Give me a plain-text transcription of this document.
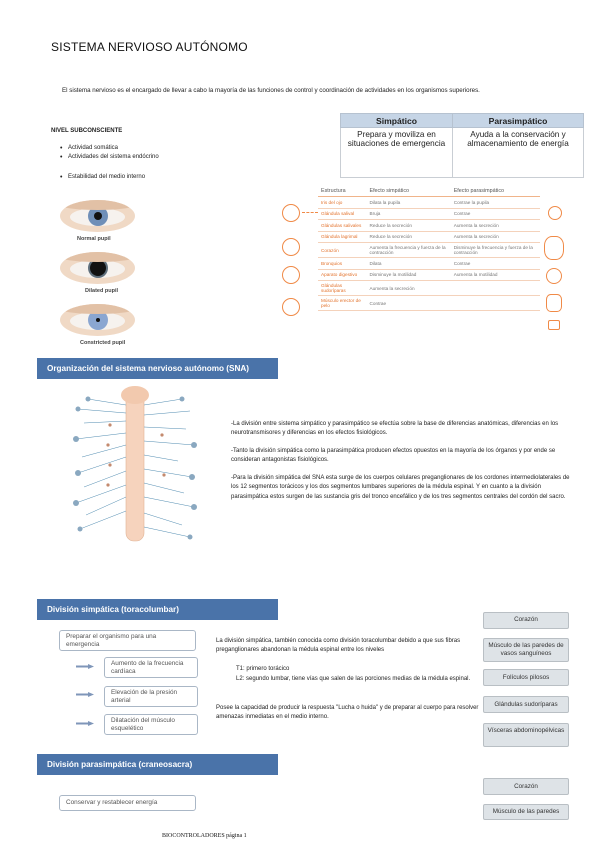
SISTEMA NERVIOSO AUTÓNOMO
El sistema nervioso es el encargado de llevar a cabo la mayoría de las funciones de control y coordinación de actividades en los organismos superiores.
NIVEL SUBCONSCIENTE
• Actividad somática
• Actividades del sistema endócrino
• Estabilidad del medio interno
Simpático	Parasimpático
Prepara y moviliza en situaciones de emergencia	Ayuda a la conservación y almacenamiento de energía
Normal pupil
Dilated pupil
Constricted pupil
Estructura	Efecto simpático	Efecto parasimpático
Iris del ojo	Dilata la pupila	Contrae la pupila
Glándula salival	Bruja	Contrae
Glándulas salivales	Reduce la secreción	Aumenta la secreción
Glándula lagrimal	Reduce la secreción	Aumenta la secreción
Corazón	Aumenta la frecuencia y fuerza de la contracción	Disminuye la frecuencia y fuerza de la contracción
Bronquios	Dilata	Contrae
Aparato digestivo	Disminuye la motilidad	Aumenta la motilidad
Glándulas sudoríparas	Aumenta la secreción	
Músculo erector de pelo	Contrae	
Organización del sistema nervioso autónomo (SNA)
-La división entre sistema simpático y parasimpático se efectúa sobre la base de diferencias anatómicas, diferencias en los neurotransmisores y diferencias en los efectos fisiológicos.
-Tanto la división simpática como la parasimpática producen efectos opuestos en la mayoría de los órganos y por ende se consideran antagonistas fisiológicos.
-Para la división simpática del SNA esta surge de los cuerpos celulares preganglionares de los cordones intermediolaterales de los 12 segmentos torácicos y los dos segmentos lumbares superiores de la médula espinal. Y en cuanto a la división parasimpática estos surgen de las sustancia gris del tronco encefálico y de los tres segmentos centrales del cordón del sacro.
División simpática (toracolumbar)
Preparar el organismo para una emergencia
Aumento de la frecuencia cardíaca
Elevación de la presión arterial
Dilatación del músculo esquelético
La división simpática, también conocida como división toracolumbar debido a que sus fibras preganglionares abandonan la médula espinal entre los niveles
T1: primero torácico
L2: segundo lumbar, tiene vías que salen de las porciones medias de la médula espinal.
Posee la capacidad de producir la respuesta "Lucha o huida" y de preparar al cuerpo para resolver amenazas inmediatas en el medio interno.
Corazón
Músculo de las paredes de vasos sanguíneos
Folículos pilosos
Glándulas sudoríparas
Vísceras abdominopélvicas
División parasimpática (craneosacra)
Conservar y restablecer energía
Corazón
Músculo de las paredes
BIOCONTROLADORES página 1
